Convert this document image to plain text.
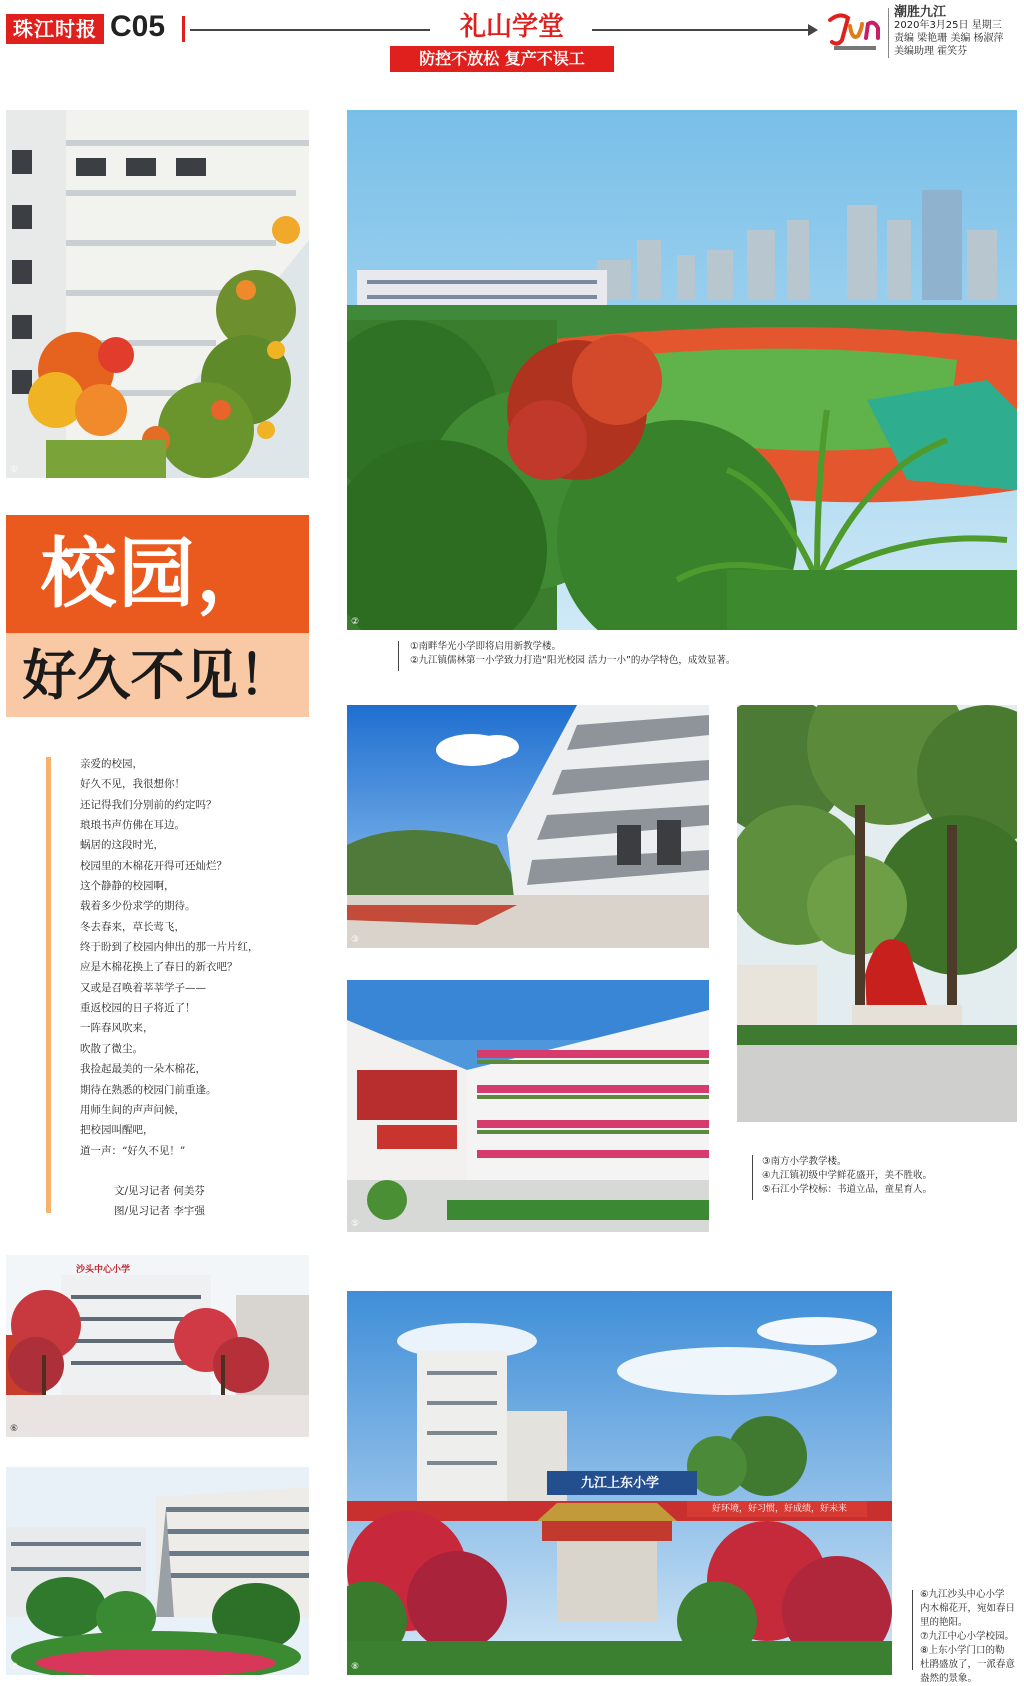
珠江时报 C05	礼山学堂
防控不放松 复产不误工
潮胜九江
2020年3月25日 星期三
责编 梁艳珊 美编 杨淑萍
美编助理 霍笑芬
①
②
①南畔华光小学即将启用新教学楼。
②九江镇儒林第一小学致力打造“阳光校园 活力一小”的办学特色，成效显著。
校园，
好久不见！
亲爱的校园，
好久不见，我很想你！
还记得我们分别前的约定吗？
琅琅书声仿佛在耳边。
蜗居的这段时光，
校园里的木棉花开得可还灿烂？
这个静静的校园啊，
载着多少份求学的期待。
冬去春来，草长莺飞，
终于盼到了校园内伸出的那一片片红，
应是木棉花换上了春日的新衣吧？
又或是召唤着莘莘学子——
重返校园的日子将近了！
一阵春风吹来，
吹散了微尘。
我捡起最美的一朵木棉花，
期待在熟悉的校园门前重逢。
用师生间的声声问候，
把校园叫醒吧，
道一声：“好久不见！”
文/见习记者 何美芬
图/见习记者 李宇强
③
⑤
③南方小学教学楼。
④九江镇初级中学鲜花盛开，美不胜收。
⑤石江小学校标：书道立品，童星育人。
沙头中心小学
⑥
⑦
九江上东小学
好环境，好习惯，好成绩，好未来
⑧
⑥九江沙头中心小学
内木棉花开，宛如春日
里的艳阳。
⑦九江中心小学校园。
⑧上东小学门口的勒
杜鹃盛放了，一派春意
盎然的景象。
